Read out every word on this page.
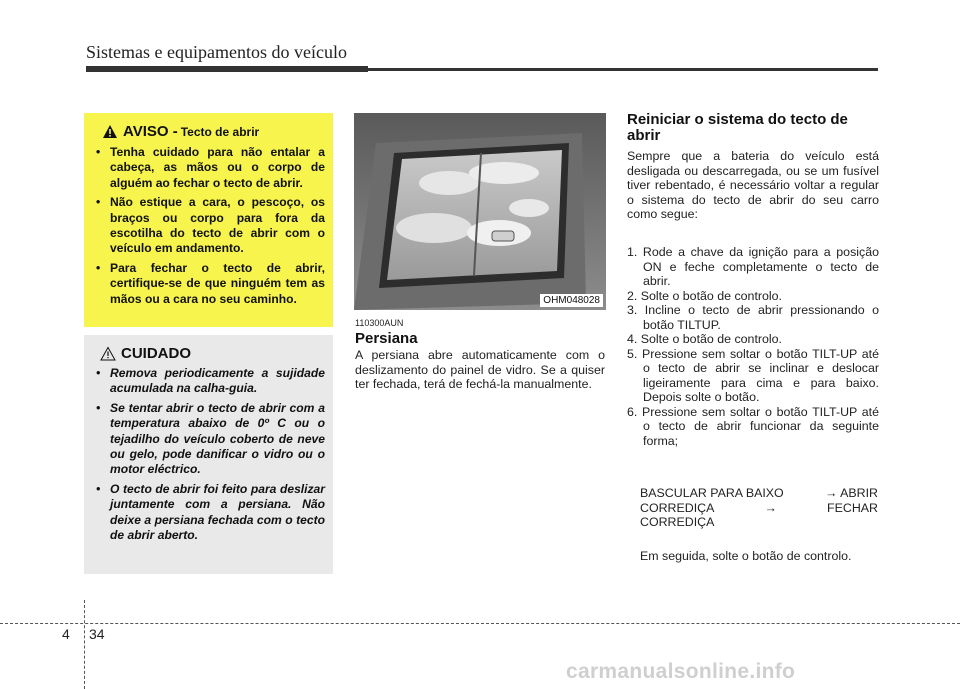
Sistemas e equipamentos do veículo
AVISO - Tecto de abrir
• Tenha cuidado para não entalar a cabeça, as mãos ou o corpo de alguém ao fechar o tecto de abrir.
• Não estique a cara, o pescoço, os braços ou corpo para fora da escotilha do tecto de abrir com o veículo em andamento.
• Para fechar o tecto de abrir, certifique-se de que ninguém tem as mãos ou a cara no seu caminho.
CUIDADO
• Remova periodicamente a sujidade acumulada na calha-guia.
• Se tentar abrir o tecto de abrir com a temperatura abaixo de 0º C ou o tejadilho do veículo coberto de neve ou gelo, pode danificar o vidro ou o motor eléctrico.
• O tecto de abrir foi feito para deslizar juntamente com a persiana. Não deixe a persiana fechada com o tecto de abrir aberto.
OHM048028
110300AUN
Persiana
A persiana abre automaticamente com o deslizamento do painel de vidro. Se a quiser ter fechada, terá de fechá-la manualmente.
Reiniciar o sistema do tecto de abrir
Sempre que a bateria do veículo está desligada ou descarregada, ou se um fusível tiver rebentado, é necessário voltar a regular o sistema do tecto de abrir do seu carro como segue:
1. Rode a chave da ignição para a posição ON e feche completamente o tecto de abrir.
2. Solte o botão de controlo.
3. Incline o tecto de abrir pressionando o botão TILTUP.
4. Solte o botão de controlo.
5. Pressione sem soltar o botão TILT-UP até o tecto de abrir se inclinar e deslocar ligeiramente para cima e para baixo. Depois solte o botão.
6. Pressione sem soltar o botão TILT-UP até o tecto de abrir funcionar da seguinte forma;
BASCULAR PARA BAIXO	→ ABRIR
CORREDIÇA	→	FECHAR
CORREDIÇA
Em seguida, solte o botão de controlo.
4 34
carmanualsonline.info
